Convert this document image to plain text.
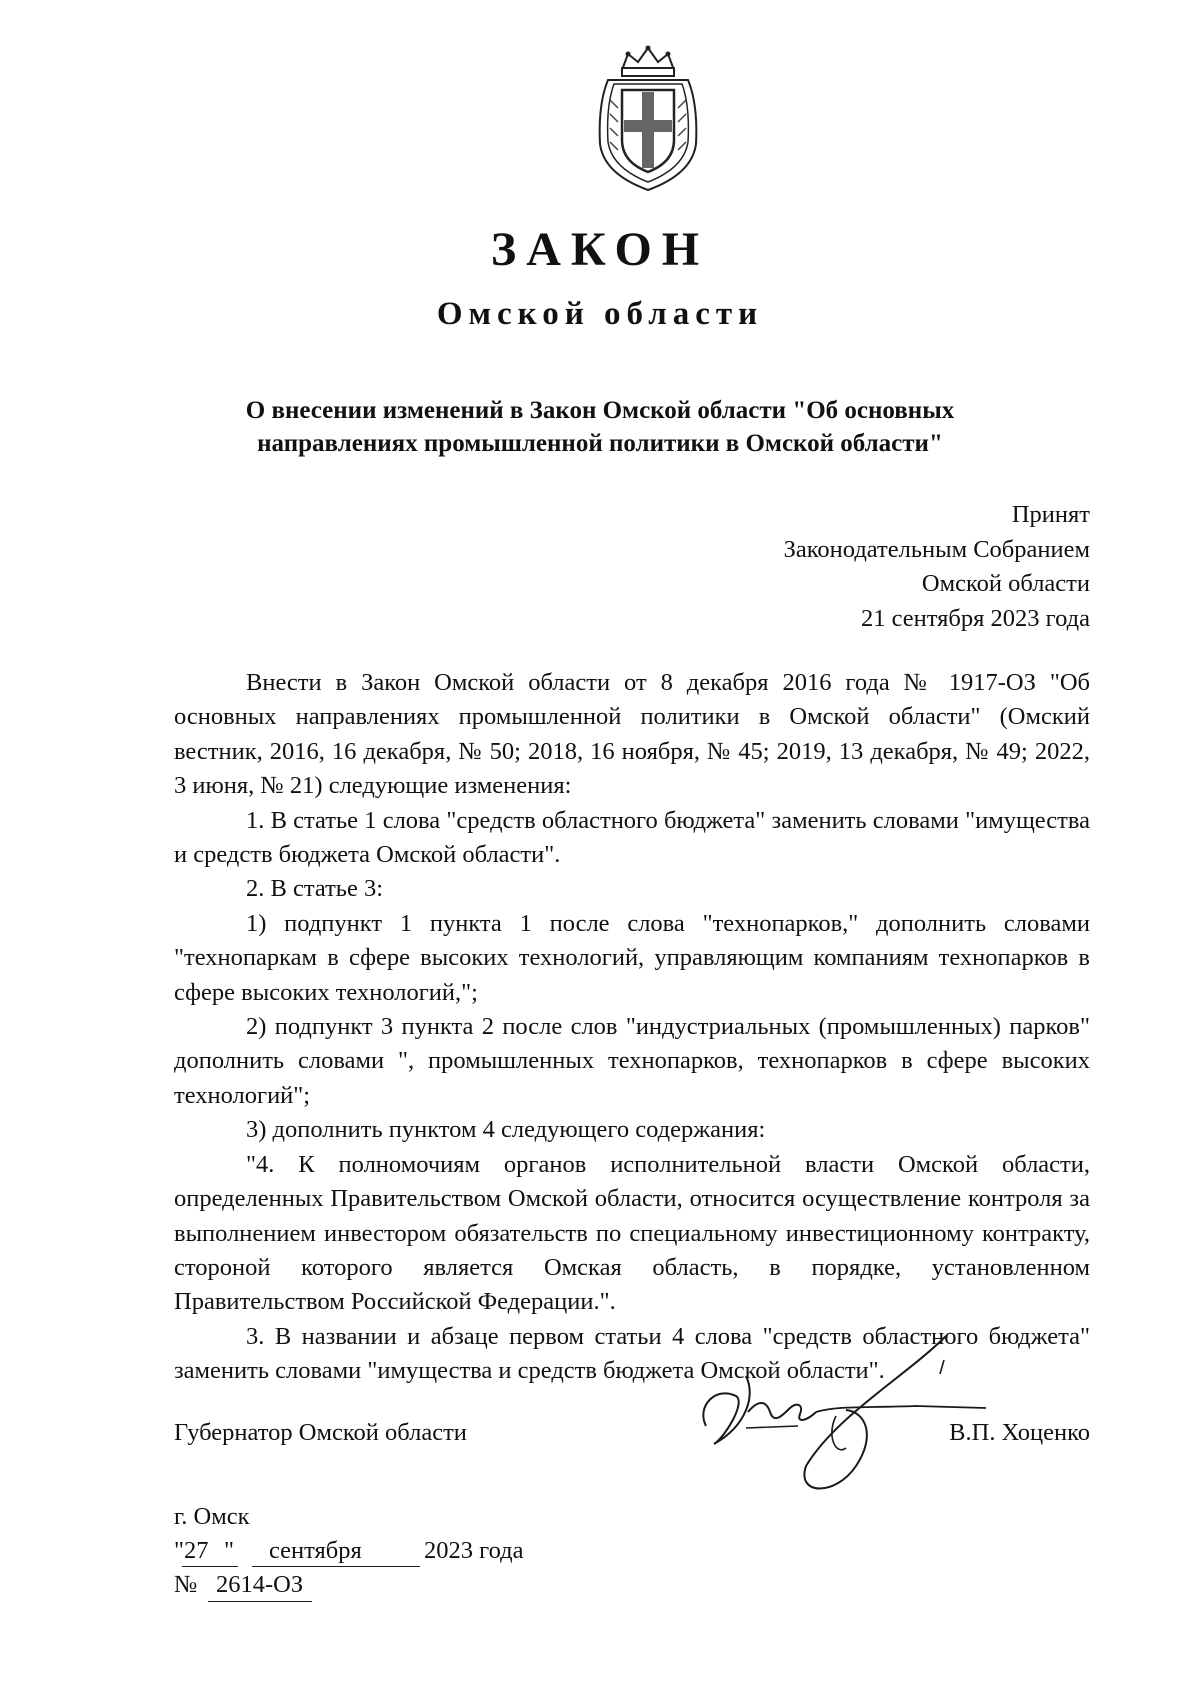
ЗАКОН
Омской области
О внесении изменений в Закон Омской области "Об основных
направлениях промышленной политики в Омской области"
Принят
Законодательным Собранием
Омской области
21 сентября 2023 года

Внести в Закон Омской области от 8 декабря 2016 года № 1917-ОЗ "Об основных направлениях промышленной политики в Омской области" (Омский вестник, 2016, 16 декабря, № 50; 2018, 16 ноября, № 45; 2019, 13 декабря, № 49; 2022, 3 июня, № 21) следующие изменения:

1. В статье 1 слова "средств областного бюджета" заменить словами "имущества и средств бюджета Омской области".

2. В статье 3:

1) подпункт 1 пункта 1 после слова "технопарков," дополнить словами "технопаркам в сфере высоких технологий, управляющим компаниям технопарков в сфере высоких технологий,";

2) подпункт 3 пункта 2 после слов "индустриальных (промышленных) парков" дополнить словами ", промышленных технопарков, технопарков в сфере высоких технологий";

3) дополнить пунктом 4 следующего содержания:

"4. К полномочиям органов исполнительной власти Омской области, определенных Правительством Омской области, относится осуществление контроля за выполнением инвестором обязательств по специальному инвестиционному контракту, стороной которого является Омская область, в порядке, установленном Правительством Российской Федерации.".

3. В названии и абзаце первом статьи 4 слова "средств областного бюджета" заменить словами "имущества и средств бюджета Омской области".

Губернатор Омской области	В.П. Хоценко
г. Омск
" 27 " сентября	2023 года
№ 2614-ОЗ
